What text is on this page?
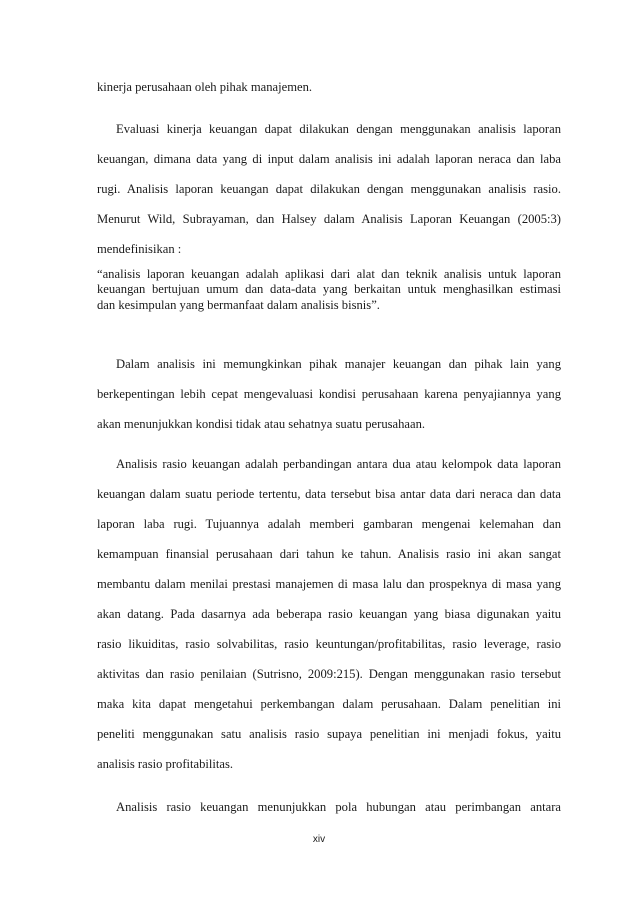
kinerja perusahaan oleh pihak manajemen.
Evaluasi kinerja keuangan dapat dilakukan dengan menggunakan analisis laporan
keuangan, dimana data yang di input dalam analisis ini adalah laporan neraca dan laba
rugi. Analisis laporan keuangan dapat dilakukan dengan menggunakan analisis rasio.
Menurut Wild, Subrayaman, dan Halsey dalam Analisis Laporan Keuangan (2005:3)
mendefinisikan :
“analisis laporan keuangan adalah aplikasi dari alat dan teknik analisis untuk laporan
keuangan bertujuan umum dan data-data yang berkaitan untuk menghasilkan estimasi
dan kesimpulan yang bermanfaat dalam analisis bisnis”.
Dalam analisis ini memungkinkan pihak manajer keuangan dan pihak lain yang
berkepentingan lebih cepat mengevaluasi kondisi perusahaan karena penyajiannya yang
akan menunjukkan kondisi tidak atau sehatnya suatu perusahaan.
Analisis rasio keuangan adalah perbandingan antara dua atau kelompok data laporan
keuangan dalam suatu periode tertentu, data tersebut bisa antar data dari neraca dan data
laporan laba rugi. Tujuannya adalah memberi gambaran mengenai kelemahan dan
kemampuan finansial perusahaan dari tahun ke tahun. Analisis rasio ini akan sangat
membantu dalam menilai prestasi manajemen di masa lalu dan prospeknya di masa yang
akan datang. Pada dasarnya ada beberapa rasio keuangan yang biasa digunakan yaitu
rasio likuiditas, rasio solvabilitas, rasio keuntungan/profitabilitas, rasio leverage, rasio
aktivitas dan rasio penilaian (Sutrisno, 2009:215). Dengan menggunakan rasio tersebut
maka kita dapat mengetahui perkembangan dalam perusahaan. Dalam penelitian ini
peneliti menggunakan satu analisis rasio supaya penelitian ini menjadi fokus, yaitu
analisis rasio profitabilitas.
Analisis rasio keuangan menunjukkan pola hubungan atau perimbangan antara
xiv
